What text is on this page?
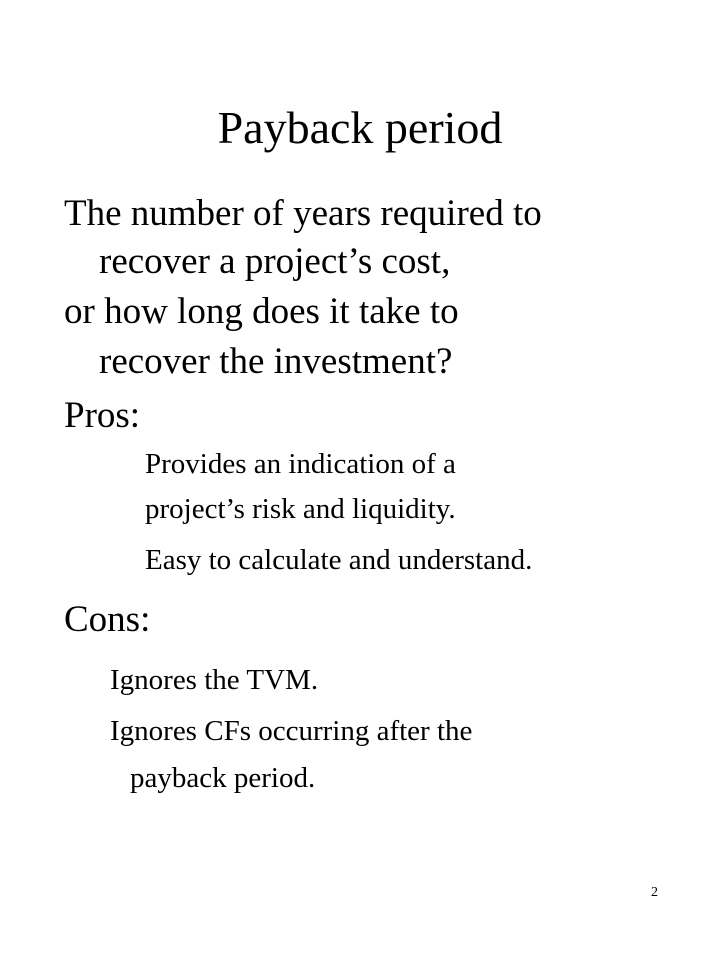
Payback period
The number of years required to
recover a project’s cost,
or how long does it take to
recover the investment?
Pros:
Provides an indication of a
project’s risk and liquidity.
Easy to calculate and understand.
Cons:
Ignores the TVM.
Ignores CFs occurring after the
payback period.
2
